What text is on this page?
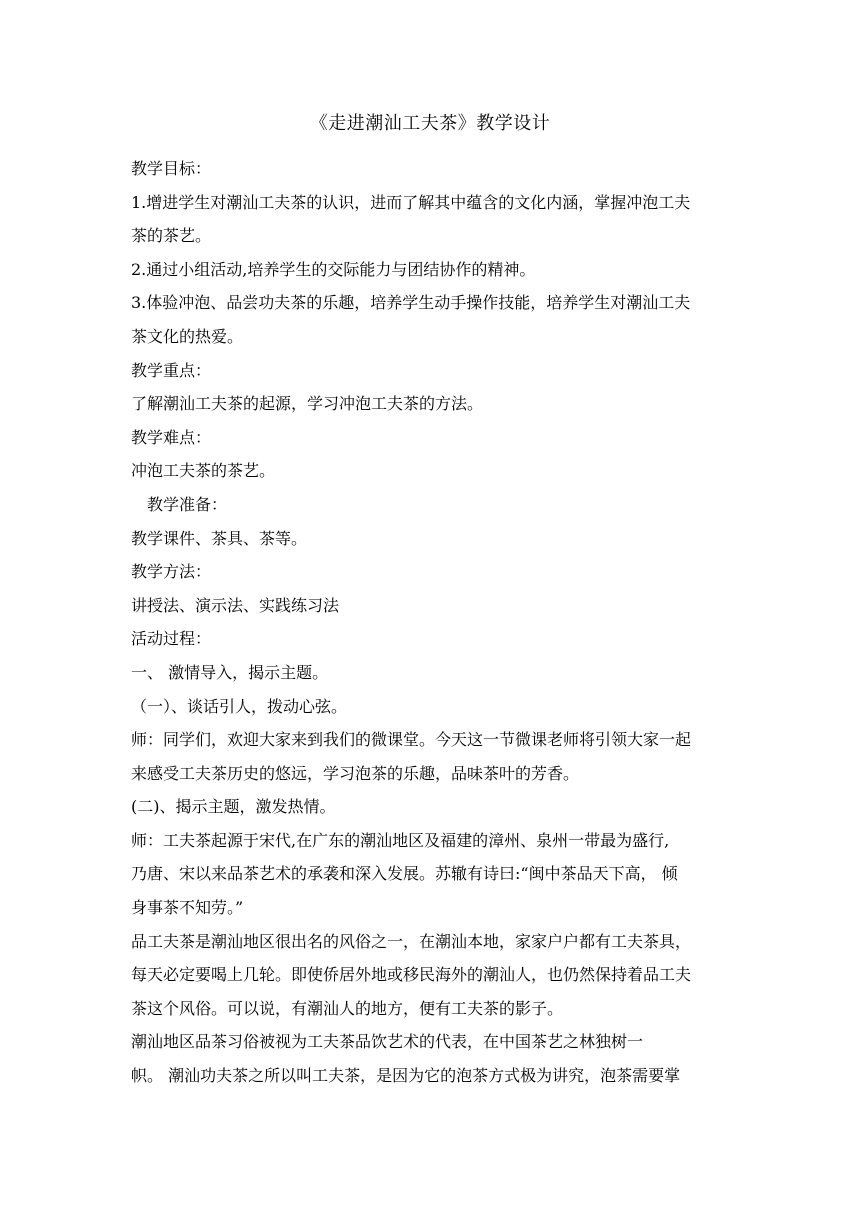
《走进潮汕工夫茶》教学设计
教学目标：
1.增进学生对潮汕工夫茶的认识，进而了解其中蕴含的文化内涵，掌握冲泡工夫
茶的茶艺。
2.通过小组活动,培养学生的交际能力与团结协作的精神。
3.体验冲泡、品尝功夫茶的乐趣，培养学生动手操作技能，培养学生对潮汕工夫
茶文化的热爱。
教学重点：
了解潮汕工夫茶的起源，学习冲泡工夫茶的方法。
教学难点：
冲泡工夫茶的茶艺。
教学准备：
教学课件、茶具、茶等。
教学方法：
讲授法、演示法、实践练习法
活动过程：
一、 激情导入，揭示主题。
（一）、谈话引人，拨动心弦。
师：同学们，欢迎大家来到我们的微课堂。今天这一节微课老师将引领大家一起
来感受工夫茶历史的悠远，学习泡茶的乐趣，品味茶叶的芳香。
(二)、揭示主题，激发热情。
师：工夫茶起源于宋代,在广东的潮汕地区及福建的漳州、泉州一带最为盛行,
乃唐、宋以来品茶艺术的承袭和深入发展。苏辙有诗曰:“闽中茶品天下高， 倾
身事茶不知劳。”
品工夫茶是潮汕地区很出名的风俗之一，在潮汕本地，家家户户都有工夫茶具，
每天必定要喝上几轮。即使侨居外地或移民海外的潮汕人，也仍然保持着品工夫
茶这个风俗。可以说，有潮汕人的地方，便有工夫茶的影子。
潮汕地区品茶习俗被视为工夫茶品饮艺术的代表，在中国茶艺之林独树一
帜。 潮汕功夫茶之所以叫工夫茶，是因为它的泡茶方式极为讲究，泡茶需要掌
